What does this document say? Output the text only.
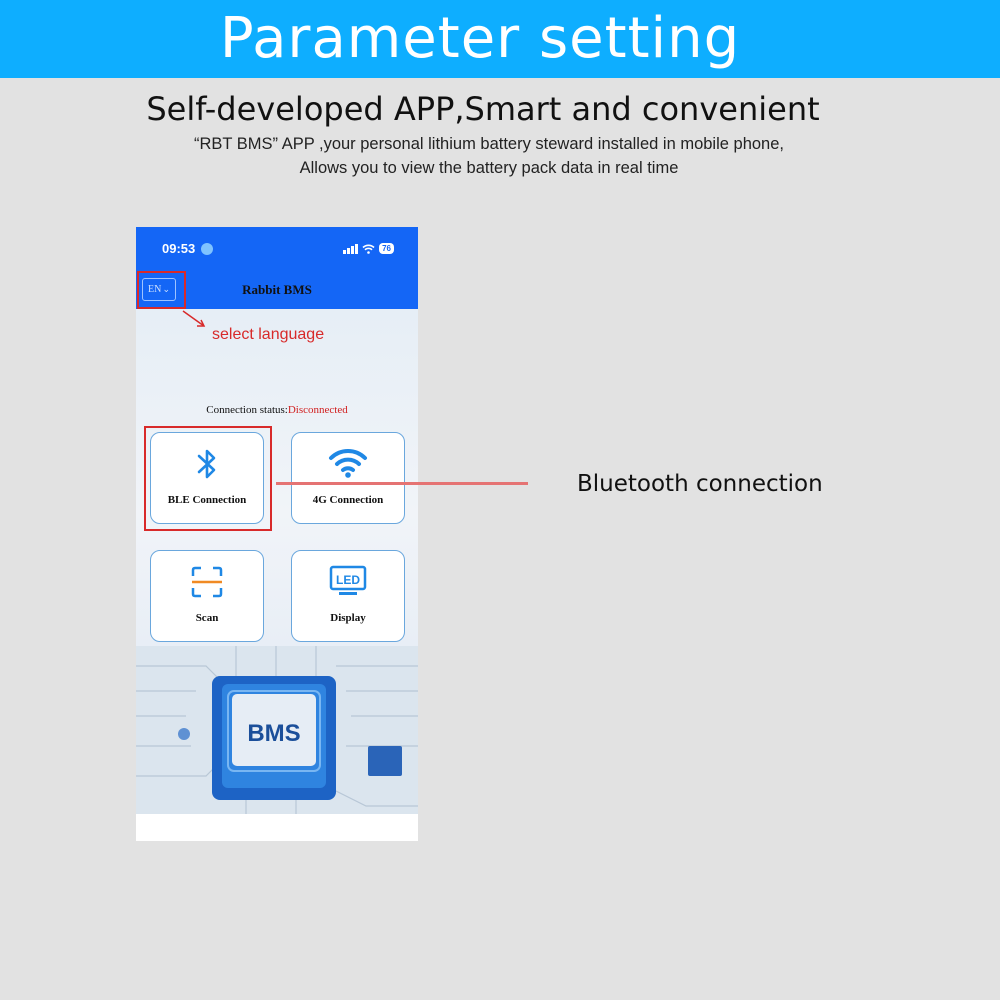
Parameter setting
Self-developed APP,Smart and convenient
“RBT BMS” APP ,your personal lithium battery steward installed in mobile phone,
Allows you to view the battery pack data in real time
09:53	76
EN ⌄	Rabbit BMS
Connection status:Disconnected
BLE Connection	4G Connection
Scan
LED
Display
BMS
select language
Bluetooth connection
